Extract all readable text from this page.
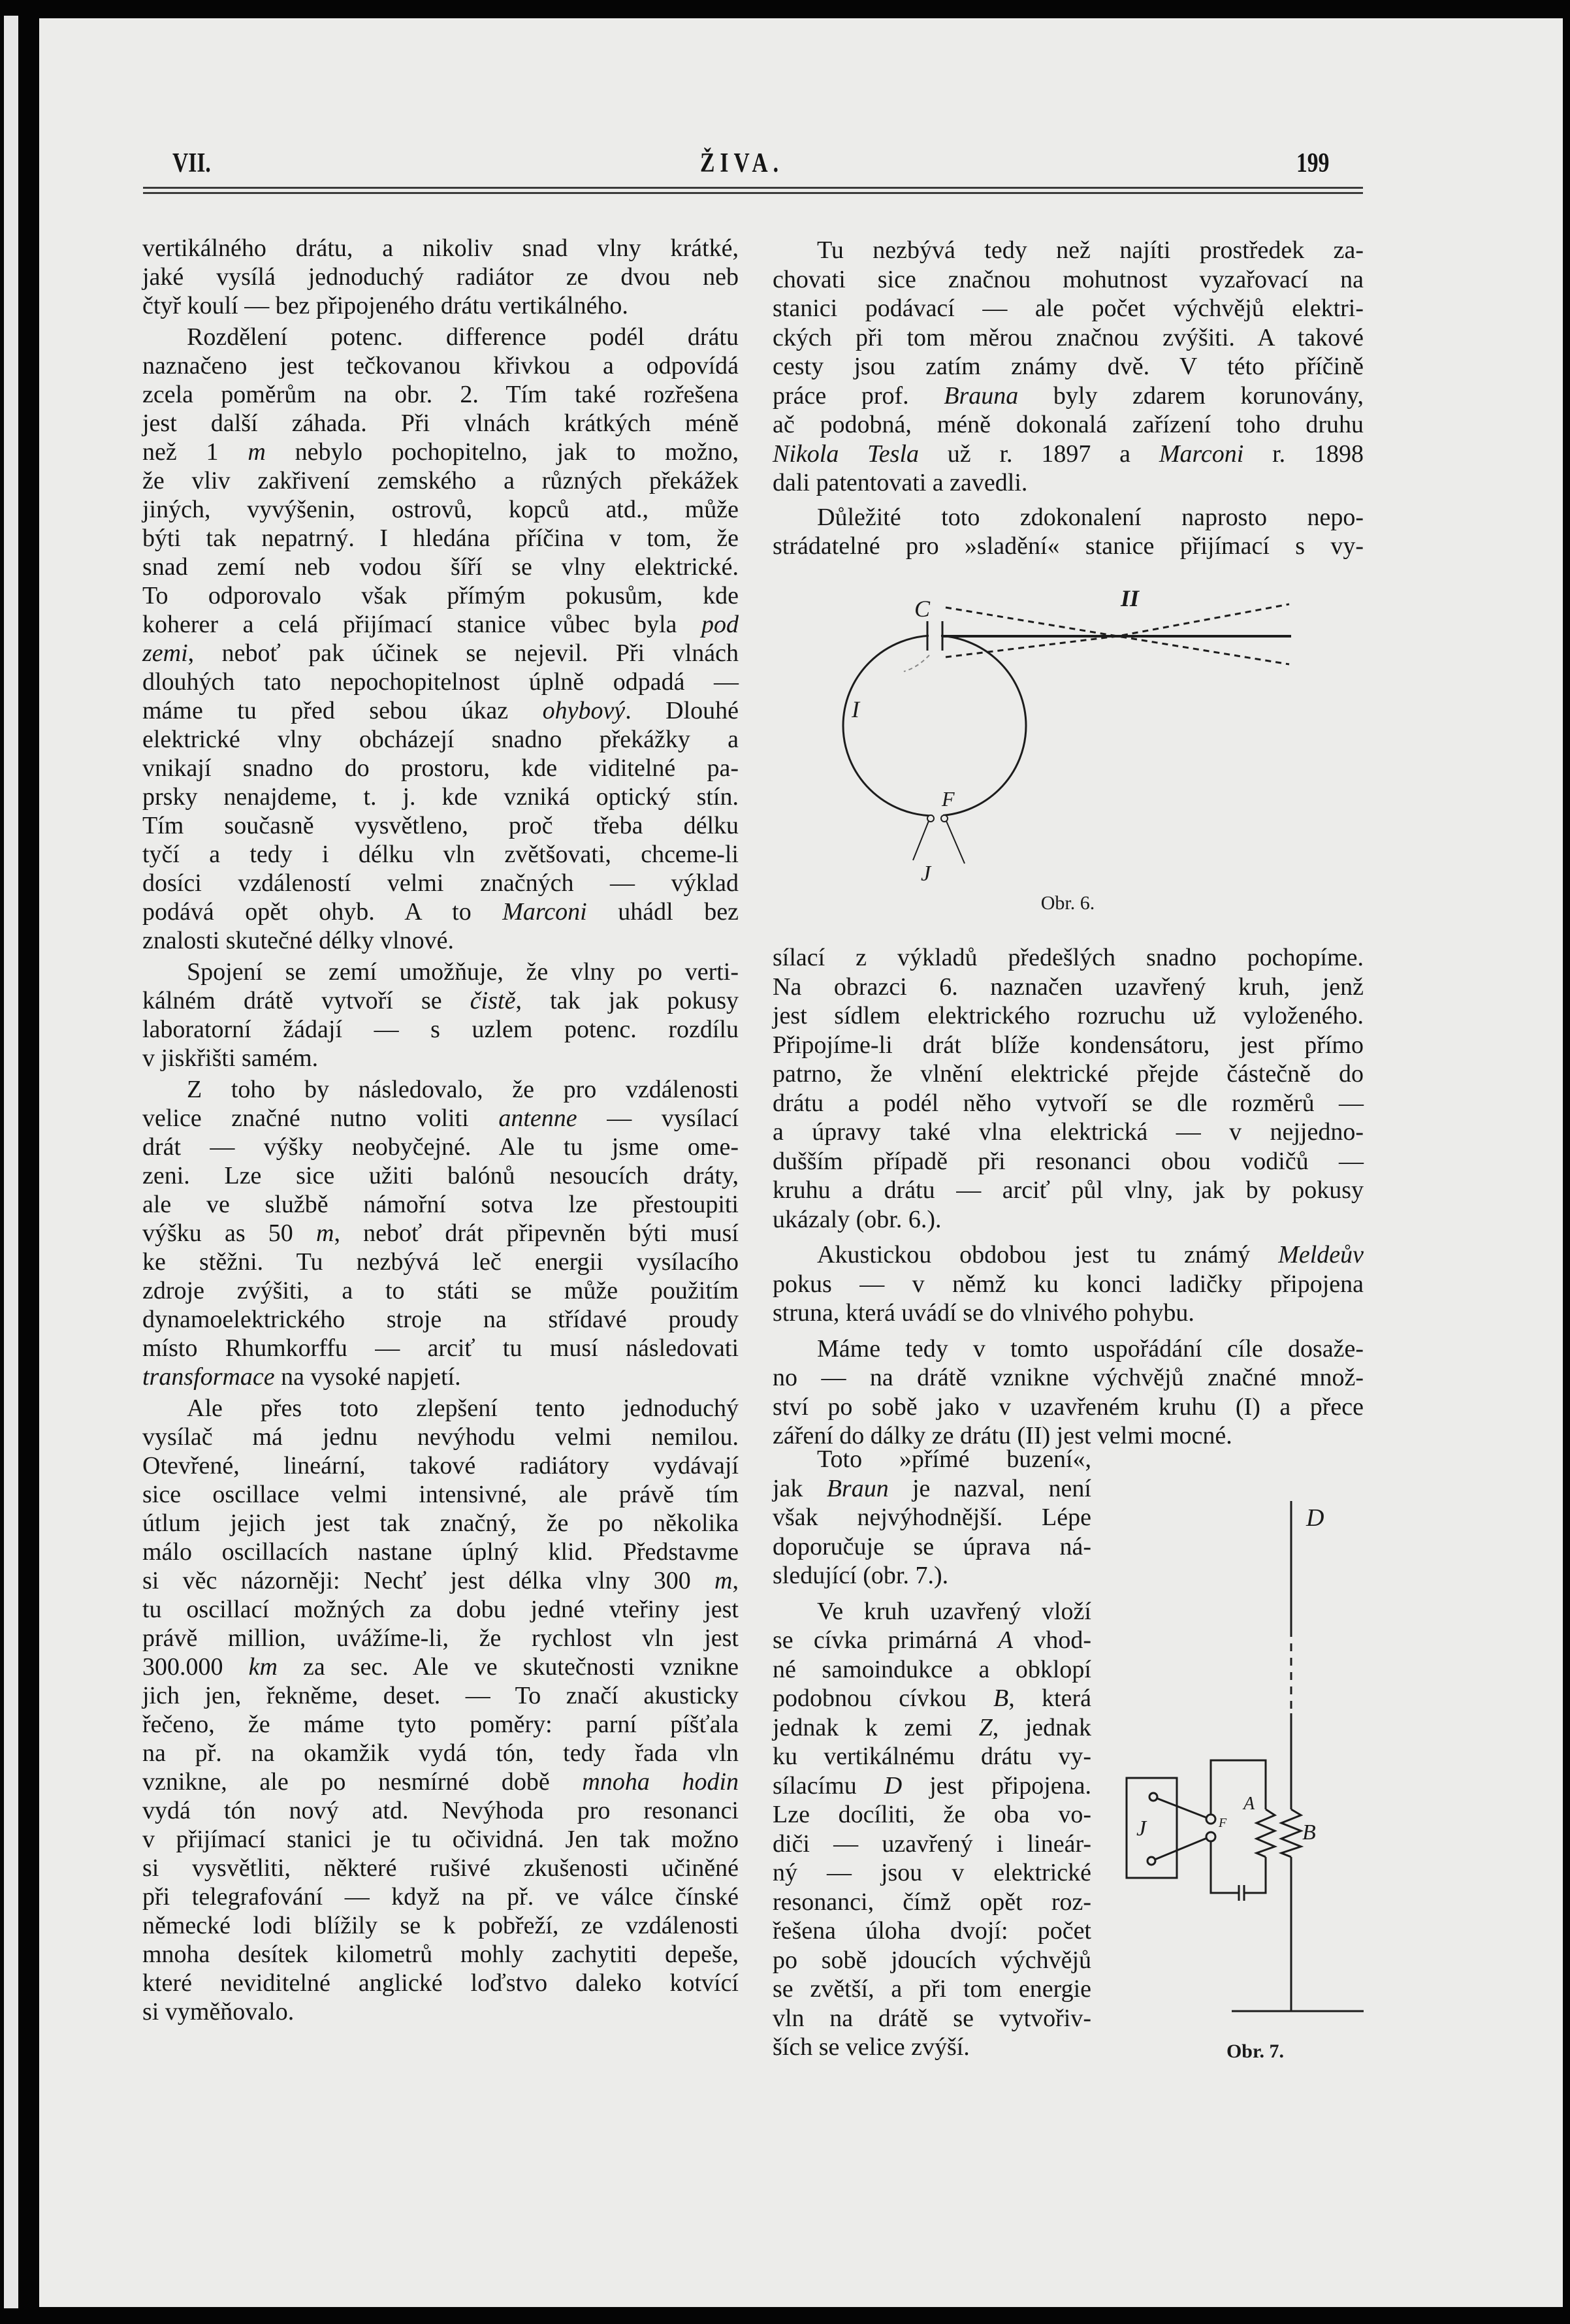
VII.	ŽIVA.	199
vertikálného drátu, a nikoliv snad vlny krátké,
jaké vysílá jednoduchý radiátor ze dvou neb
čtyř koulí — bez připojeného drátu vertikálného.
Rozdělení potenc. difference podél drátu
naznačeno jest tečkovanou křivkou a odpovídá
zcela poměrům na obr. 2. Tím také rozřešena
jest další záhada. Při vlnách krátkých méně
než 1 m nebylo pochopitelno, jak to možno,
že vliv zakřivení zemského a různých překážek
jiných, vyvýšenin, ostrovů, kopců atd., může
býti tak nepatrný. I hledána příčina v tom, že
snad zemí neb vodou šíří se vlny elektrické.
To odporovalo však přímým pokusům, kde
koherer a celá přijímací stanice vůbec byla pod
zemi, neboť pak účinek se nejevil. Při vlnách
dlouhých tato nepochopitelnost úplně odpadá —
máme tu před sebou úkaz ohybový. Dlouhé
elektrické vlny obcházejí snadno překážky a
vnikají snadno do prostoru, kde viditelné pa-
prsky nenajdeme, t. j. kde vzniká optický stín.
Tím současně vysvětleno, proč třeba délku
tyčí a tedy i délku vln zvětšovati, chceme-li
dosíci vzdáleností velmi značných — výklad
podává opět ohyb. A to Marconi uhádl bez
znalosti skutečné délky vlnové.
Spojení se zemí umožňuje, že vlny po verti-
kálném drátě vytvoří se čistě, tak jak pokusy
laboratorní žádají — s uzlem potenc. rozdílu
v jiskřišti samém.
Z toho by následovalo, že pro vzdálenosti
velice značné nutno voliti antenne — vysílací
drát — výšky neobyčejné. Ale tu jsme ome-
zeni. Lze sice užiti balónů nesoucích dráty,
ale ve službě námořní sotva lze přestoupiti
výšku as 50 m, neboť drát připevněn býti musí
ke stěžni. Tu nezbývá leč energii vysílacího
zdroje zvýšiti, a to státi se může použitím
dynamoelektrického stroje na střídavé proudy
místo Rhumkorffu — arciť tu musí následovati
transformace na vysoké napjetí.
Ale přes toto zlepšení tento jednoduchý
vysílač má jednu nevýhodu velmi nemilou.
Otevřené, lineární, takové radiátory vydávají
sice oscillace velmi intensivné, ale právě tím
útlum jejich jest tak značný, že po několika
málo oscillacích nastane úplný klid. Představme
si věc názorněji: Nechť jest délka vlny 300 m,
tu oscillací možných za dobu jedné vteřiny jest
právě million, uvážíme-li, že rychlost vln jest
300.000 km za sec. Ale ve skutečnosti vznikne
jich jen, řekněme, deset. — To značí akusticky
řečeno, že máme tyto poměry: parní píšťala
na př. na okamžik vydá tón, tedy řada vln
vznikne, ale po nesmírné době mnoha hodin
vydá tón nový atd. Nevýhoda pro resonanci
v přijímací stanici je tu očividná. Jen tak možno
si vysvětliti, některé rušivé zkušenosti učiněné
při telegrafování — když na př. ve válce čínské
německé lodi blížily se k pobřeží, ze vzdálenosti
mnoha desítek kilometrů mohly zachytiti depeše,
které neviditelné anglické loďstvo daleko kotvící
si vyměňovalo.
Tu nezbývá tedy než najíti prostředek za-
chovati sice značnou mohutnost vyzařovací na
stanici podávací — ale počet výchvějů elektri-
ckých při tom měrou značnou zvýšiti. A takové
cesty jsou zatím známy dvě. V této příčině
práce prof. Brauna byly zdarem korunovány,
ač podobná, méně dokonalá zařízení toho druhu
Nikola Tesla už r. 1897 a Marconi r. 1898
dali patentovati a zavedli.
Důležité toto zdokonalení naprosto nepo-
strádatelné pro »sladění« stanice přijímací s vy-
sílací z výkladů předešlých snadno pochopíme.
Na obrazci 6. naznačen uzavřený kruh, jenž
jest sídlem elektrického rozruchu už vyloženého.
Připojíme-li drát blíže kondensátoru, jest přímo
patrno, že vlnění elektrické přejde částečně do
drátu a podél něho vytvoří se dle rozměrů —
a úpravy také vlna elektrická — v nejjedno-
dušším případě při resonanci obou vodičů —
kruhu a drátu — arciť půl vlny, jak by pokusy
ukázaly (obr. 6.).
Akustickou obdobou jest tu známý Meldeův
pokus — v němž ku konci ladičky připojena
struna, která uvádí se do vlnivého pohybu.
Máme tedy v tomto uspořádání cíle dosaže-
no — na drátě vznikne výchvějů značné množ-
ství po sobě jako v uzavřeném kruhu (I) a přece
záření do dálky ze drátu (II) jest velmi mocné.
Toto »přímé buzení«,
jak Braun je nazval, není
však nejvýhodnější. Lépe
doporučuje se úprava ná-
sledující (obr. 7.).
Ve kruh uzavřený vloží
se cívka primárná A vhod-
né samoindukce a obklopí
podobnou cívkou B, která
jednak k zemi Z, jednak
ku vertikálnému drátu vy-
sílacímu D jest připojena.
Lze docíliti, že oba vo-
diči — uzavřený i lineár-
ný — jsou v elektrické
resonanci, čímž opět roz-
řešena úloha dvojí: počet
po sobě jdoucích výchvějů
se zvětší, a při tom energie
vln na drátě se vytvořiv-
ších se velice zvýší.
C	II
I
F
J
Obr. 6.
D
A
B
J	F
Obr. 7.
